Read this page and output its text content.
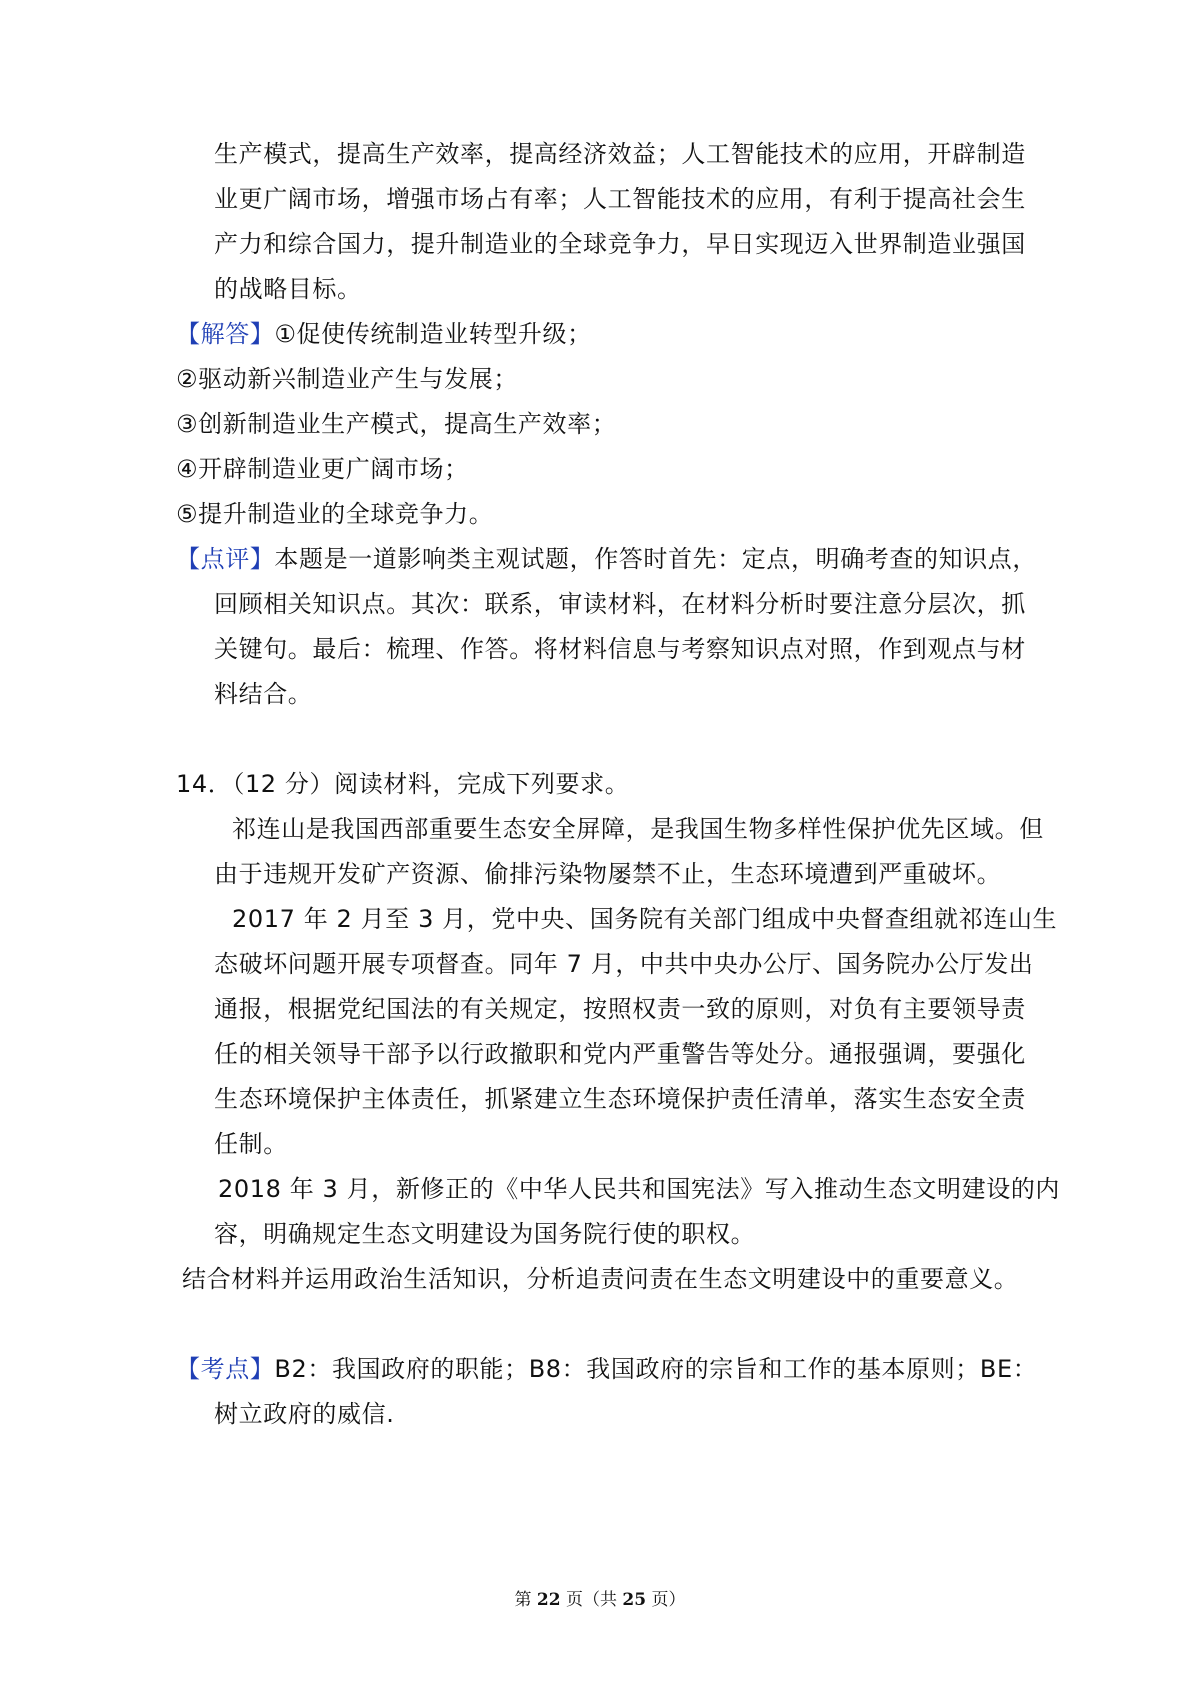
生产模式，提高生产效率，提高经济效益；人工智能技术的应用，开辟制造
业更广阔市场，增强市场占有率；人工智能技术的应用，有利于提高社会生
产力和综合国力，提升制造业的全球竞争力，早日实现迈入世界制造业强国
的战略目标。
【解答】①促使传统制造业转型升级；
②驱动新兴制造业产生与发展；
③创新制造业生产模式，提高生产效率；
④开辟制造业更广阔市场；
⑤提升制造业的全球竞争力。
【点评】本题是一道影响类主观试题，作答时首先：定点，明确考查的知识点，
回顾相关知识点。其次：联系，审读材料，在材料分析时要注意分层次，抓
关键句。最后：梳理、作答。将材料信息与考察知识点对照，作到观点与材
料结合。
14．（12 分）阅读材料，完成下列要求。
祁连山是我国西部重要生态安全屏障，是我国生物多样性保护优先区域。但
由于违规开发矿产资源、偷排污染物屡禁不止，生态环境遭到严重破坏。
2017 年 2 月至 3 月，党中央、国务院有关部门组成中央督查组就祁连山生
态破坏问题开展专项督查。同年 7 月，中共中央办公厅、国务院办公厅发出
通报，根据党纪国法的有关规定，按照权责一致的原则，对负有主要领导责
任的相关领导干部予以行政撤职和党内严重警告等处分。通报强调，要强化
生态环境保护主体责任，抓紧建立生态环境保护责任清单，落实生态安全责
任制。
2018 年 3 月，新修正的《中华人民共和国宪法》写入推动生态文明建设的内
容，明确规定生态文明建设为国务院行使的职权。
结合材料并运用政治生活知识，分析追责问责在生态文明建设中的重要意义。
【考点】B2：我国政府的职能；B8：我国政府的宗旨和工作的基本原则；BE：
树立政府的威信.
第 22 页（共 25 页）
